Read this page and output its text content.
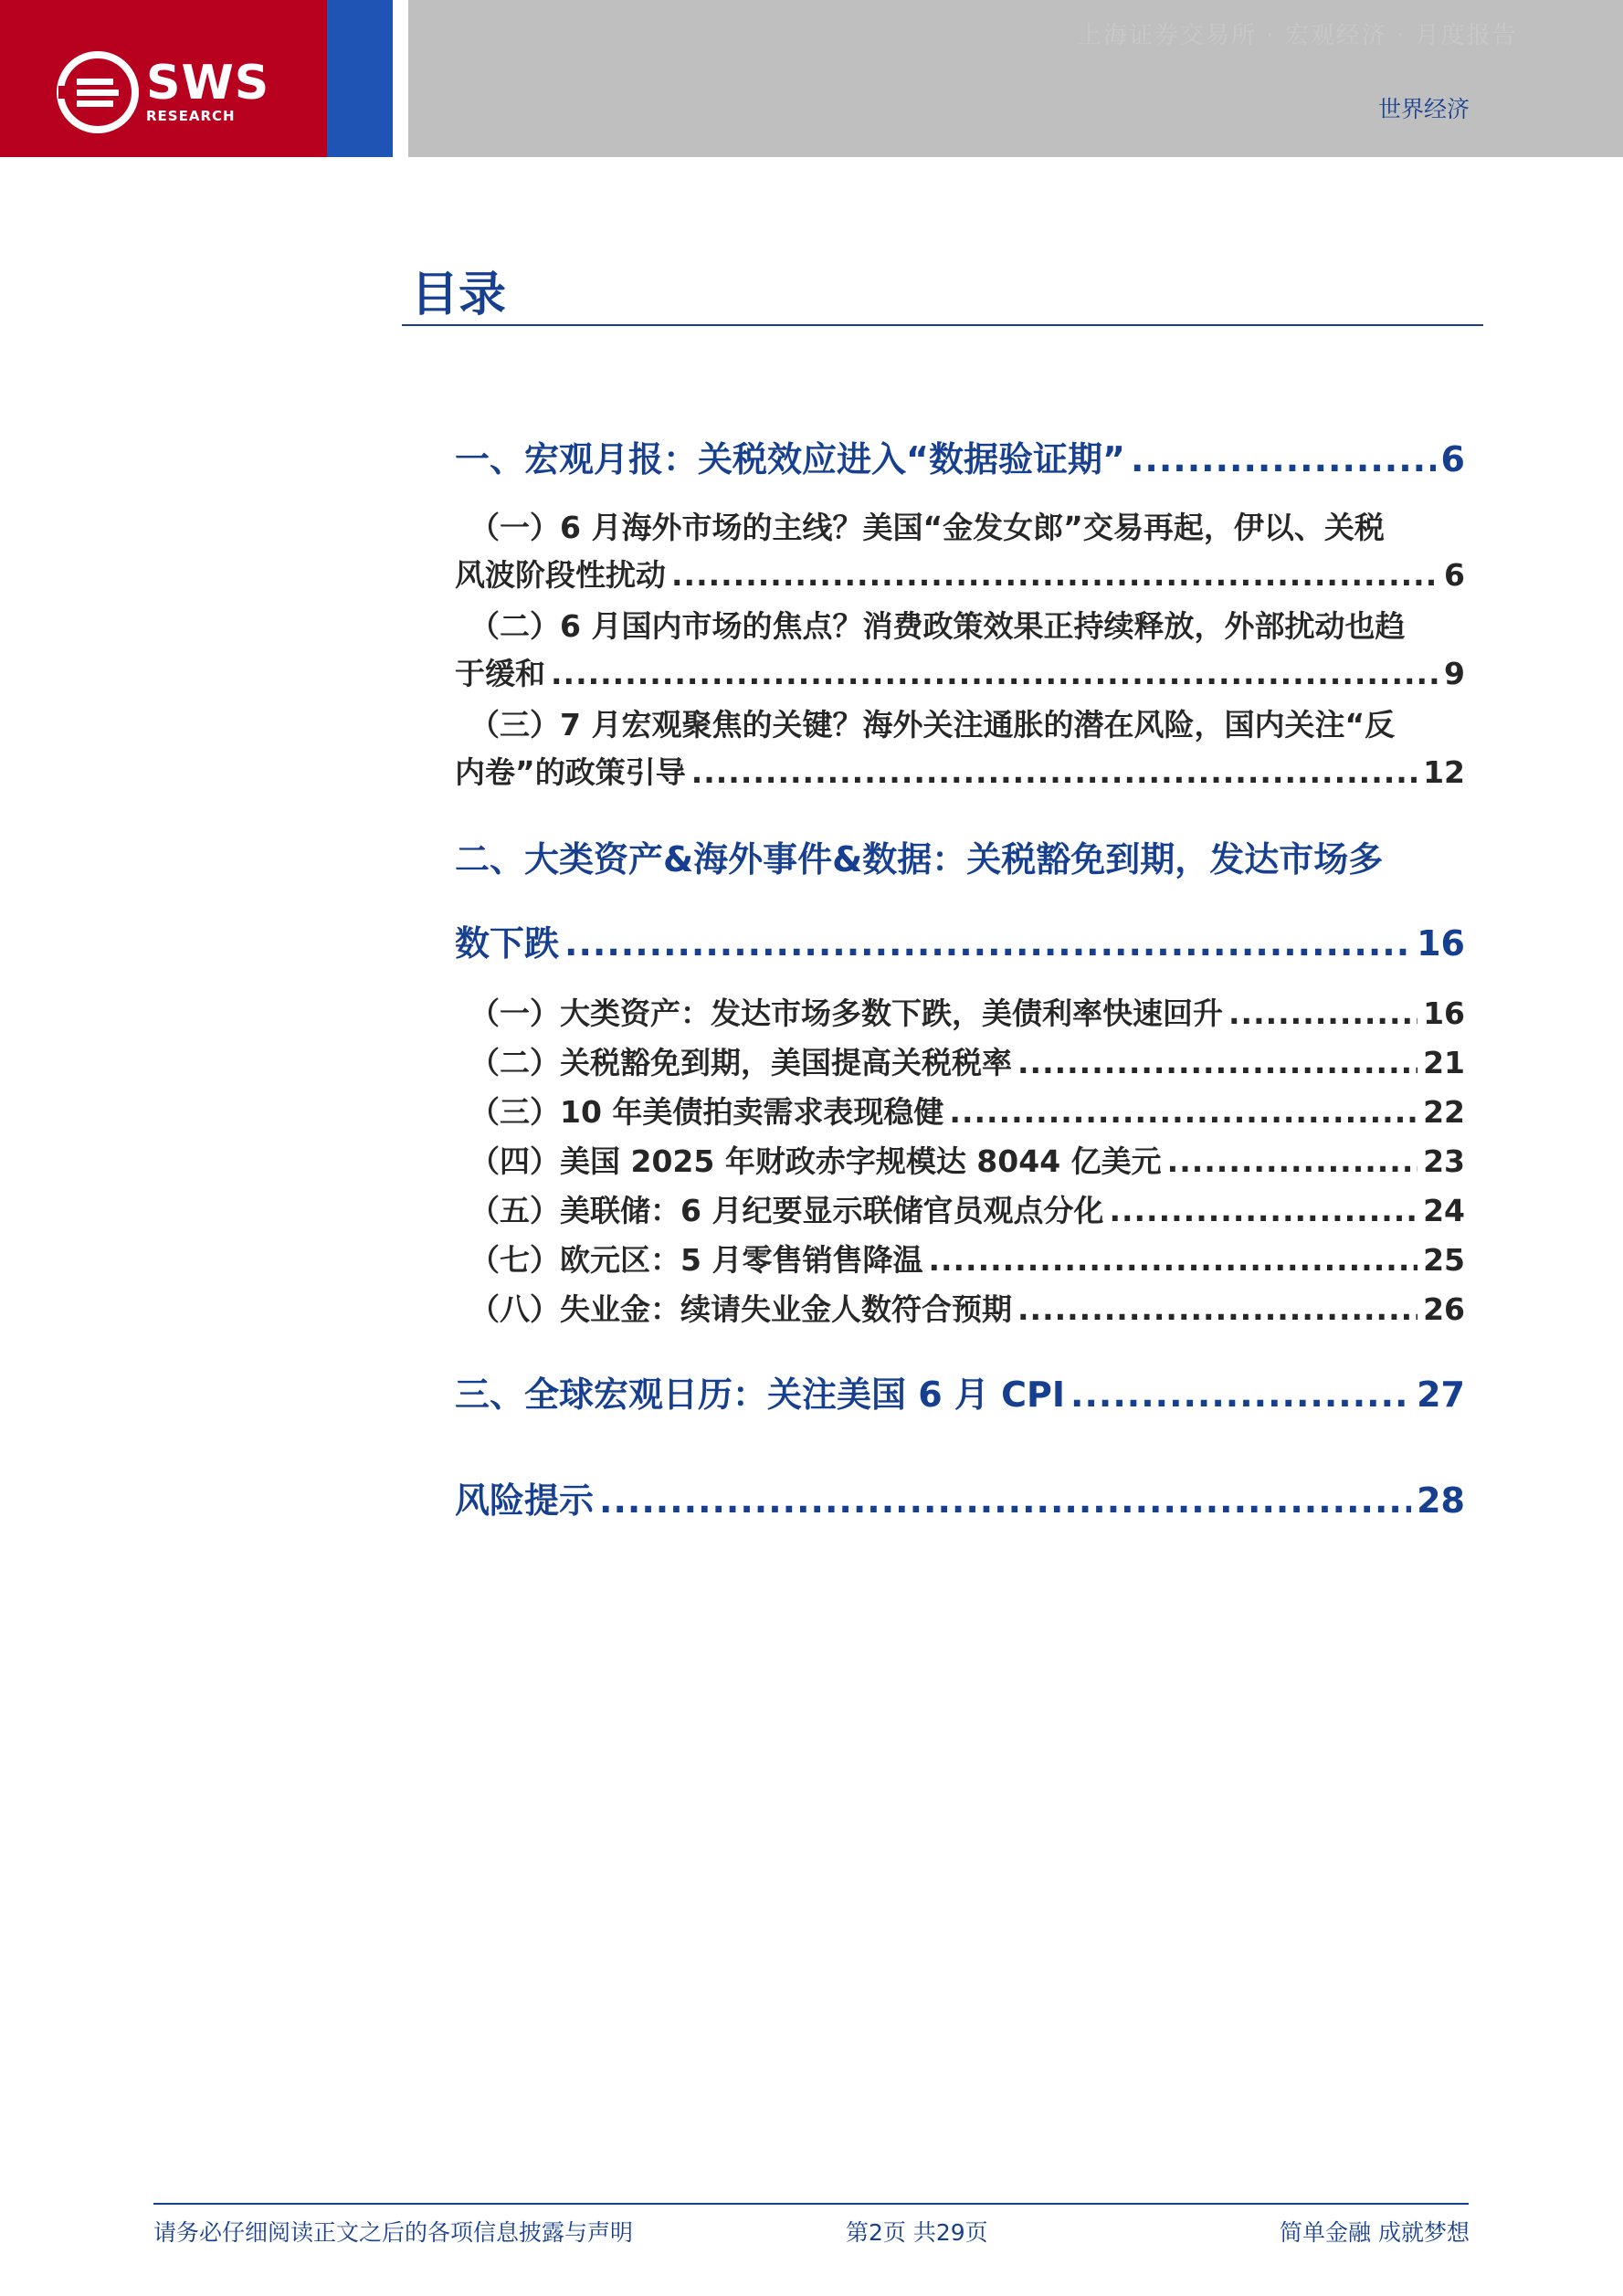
上海证券交易所 · 宏观经济 · 月度报告
世界经济
SWS
RESEARCH
目录
一、宏观月报：关税效应进入“数据验证期” .....	6
（一）6 月海外市场的主线？美国“金发女郎”交易再起，伊以、关税
风波阶段性扰动 .....	6
（二）6 月国内市场的焦点？消费政策效果正持续释放，外部扰动也趋
于缓和 .....	9
（三）7 月宏观聚焦的关键？海外关注通胀的潜在风险，国内关注“反
内卷”的政策引导 .....	12
二、大类资产&海外事件&数据：关税豁免到期，发达市场多
数下跌 .....	16
（一）大类资产：发达市场多数下跌，美债利率快速回升 .....	16
（二）关税豁免到期，美国提高关税税率 .....	21
（三）10 年美债拍卖需求表现稳健 .....	22
（四）美国 2025 年财政赤字规模达 8044 亿美元 .....	23
（五）美联储：6 月纪要显示联储官员观点分化 .....	24
（七）欧元区：5 月零售销售降温 .....	25
（八）失业金：续请失业金人数符合预期 .....	26
三、全球宏观日历：关注美国 6 月 CPI .....	27
风险提示 .....	28
请务必仔细阅读正文之后的各项信息披露与声明	第2页 共29页	简单金融 成就梦想
